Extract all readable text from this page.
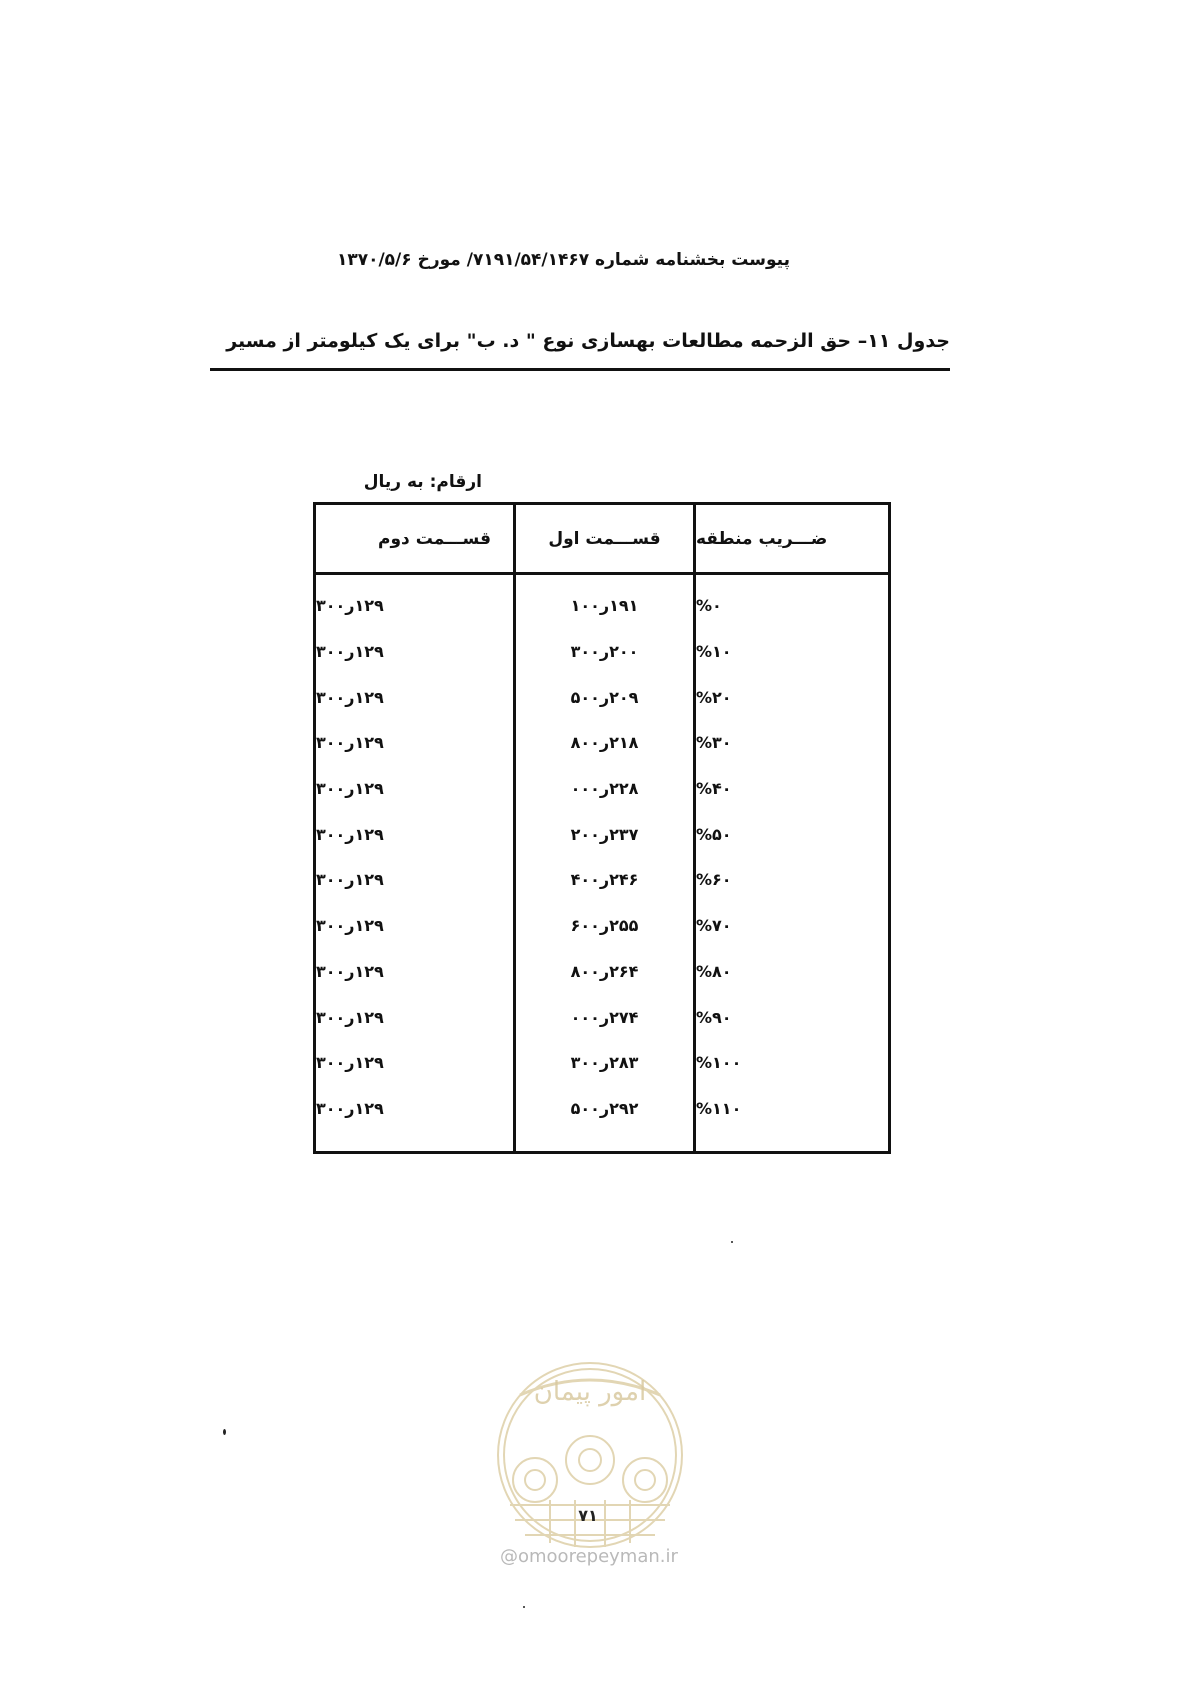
پیوست بخشنامه شماره ۷۱۹۱/۵۴/۱۴۶۷/ مورخ ۱۳۷۰/۵/۶
جدول ۱۱– حق الزحمه مطالعات بهسازی نوع " د. ب" برای یک کیلومتر از مسیر
ارقام: به ریال
ضـــریب منطقه
%۰
%۱۰
%۲۰
%۳۰
%۴۰
%۵۰
%۶۰
%۷۰
%۸۰
%۹۰
%۱۰۰
%۱۱۰
قســـمت اول
۱۹۱ر۱۰۰
۲۰۰ر۳۰۰
۲۰۹ر۵۰۰
۲۱۸ر۸۰۰
۲۲۸ر۰۰۰
۲۳۷ر۲۰۰
۲۴۶ر۴۰۰
۲۵۵ر۶۰۰
۲۶۴ر۸۰۰
۲۷۴ر۰۰۰
۲۸۳ر۳۰۰
۲۹۲ر۵۰۰
قســـمت دوم
۱۲۹ر۳۰۰
۱۲۹ر۳۰۰
۱۲۹ر۳۰۰
۱۲۹ر۳۰۰
۱۲۹ر۳۰۰
۱۲۹ر۳۰۰
۱۲۹ر۳۰۰
۱۲۹ر۳۰۰
۱۲۹ر۳۰۰
۱۲۹ر۳۰۰
۱۲۹ر۳۰۰
۱۲۹ر۳۰۰
امور پیمان
۷۱
@omoorepeyman.ir
